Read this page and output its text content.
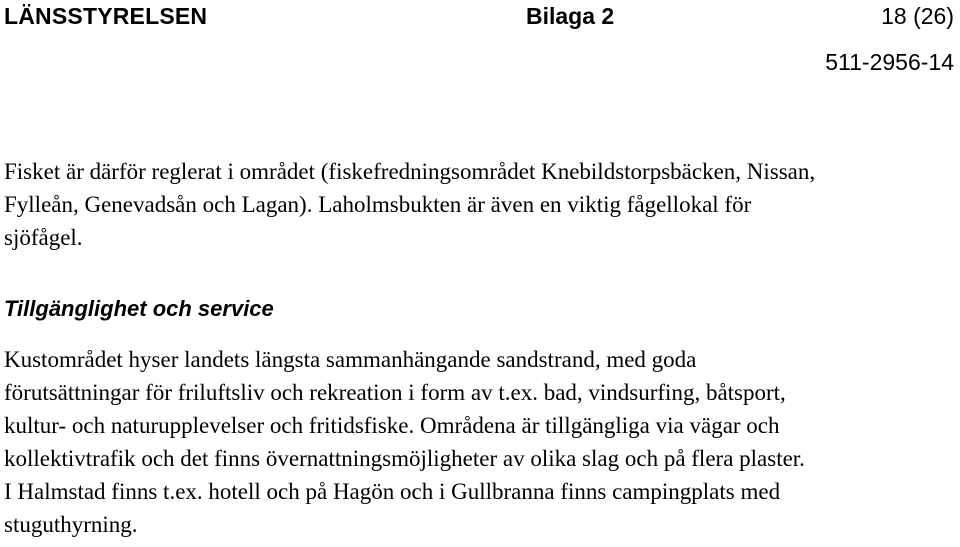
LÄNSSTYRELSEN	Bilaga 2	18 (26)
511-2956-14

Fisket är därför reglerat i området (fiskefredningsområdet Knebildstorpsbäcken, Nissan,
Fylleån, Genevadsån och Lagan). Laholmsbukten är även en viktig fågellokal för
sjöfågel.

Tillgänglighet och service

Kustområdet hyser landets längsta sammanhängande sandstrand, med goda
förutsättningar för friluftsliv och rekreation i form av t.ex. bad, vindsurfing, båtsport,
kultur- och naturupplevelser och fritidsfiske. Områdena är tillgängliga via vägar och
kollektivtrafik och det finns övernattningsmöjligheter av olika slag och på flera plaster.
I Halmstad finns t.ex. hotell och på Hagön och i Gullbranna finns campingplats med
stuguthyrning.
